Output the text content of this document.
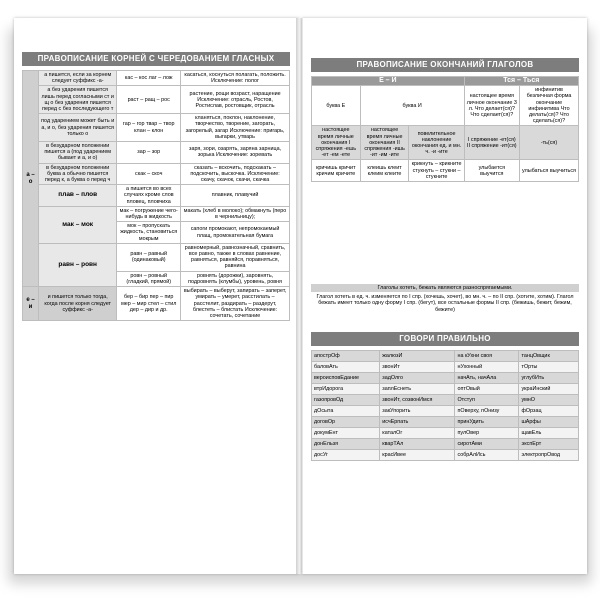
ПРАВОПИСАНИЕ КОРНЕЙ С ЧЕРЕДОВАНИЕМ ГЛАСНЫХ
а – о	а пишется, если за корнем следует суффикс -а-	кас – кос лаг – лож	касаться, коснуться полагать, положить. Исключение: полог
	а без ударения пишется лишь перед согласными ст и щ о без ударения пишется перед с без последующего т	раст – ращ – рос	растение, рощи возраст, наращение Исключение: отрасль, Ростов, Ростислав, ростовщик, отрасль
	под ударением может быть и а, и о, без ударения пишется только о	гар – гор твар – твор клан – клон	кланяться, поклон, наклонение, творчество, творение, загорать, загорелый, загар Исключение: пригарь, выгарки, утварь
	в безударном положении пишется а (под ударением бывает и а, и о)	зар – зор	заря, зори, озарять, заряна зарница, зорька Исключение: зоревать
	в безударном положении буква а обычно пишется перед к, а буква о перед ч	скак – скоч	сказать – вскочить, подскакать – подскочить, выскочка. Исключение: скачу, скачок, скачи, скачка
	плав – плов	а пишется во всех случаях кроме слов пловец, пловчиха	плавник, плавучий
	мак – мок	мак – погружение чего-нибудь в жидкость	макать (хлеб в молоко); обмакнуть (перо в чернильницу);
		мок – пропускать жидкость, становиться мокрым	сапоги промокают, непромокаемый плащ, промокательная бумага
	равн – ровн	равн – равный (одинаковый)	равномерный, равнозначный, сравнить, все равно, также в словах равнение, равняться, равняйся, поравняться, равнина
		ровн – ровный (гладкий, прямой)	ровнять (дорожки), заровнять, подровнять (клумбы), уровень, ровня
е – и	и пишется только тогда, когда после корня следует суффикс -а-	бер – бир пер – пир мер – мир стел – стил дер – дир и др.	выбирать – выберут, запирать – заперет, умирать – умерет, расстилать – расстелит, раздирать – раздерут, блестеть – блистать Исключение: сочетать, сочетание
ПРАВОПИСАНИЕ ОКОНЧАНИЙ ГЛАГОЛОВ
Е – И			Тся – Ться	
буква Е	буква И		настоящее время личное окончание 3 л. Что делает(ся)? Что сделает(ся)?	инфинитив безличная форма окончание инфинитива Что делать(ся)? Что сделать(ся)?
настоящее время личные окончания I спряжения -ешь -ет -ем -ете	настоящее время личные окончания II спряжения -ишь -ит -им -ите	повелительное наклонение окончания ед. и мн. ч. -и -ите	I спряжение -ет(ся) II спряжение -ит(ся)	-ть(ся)
кричишь кричит кричим кричите	клеишь клеит клеим клеите	крикнуть – крикните стукнуть – стукни – стукните	улыбается выучится	улыбаться выучиться
Глаголы хотеть, бежать являются разноспрягаемыми.
Глагол хотеть в ед. ч. изменяется по I спр. (хочешь, хочет), во мн. ч. – по II спр. (хотите, хотим). Глагол бежать имеет только одну форму I спр. (бегут), все остальные формы II спр. (бежишь, бежит, бежим, бежите)
ГОВОРИ ПРАВИЛЬНО
апострОф	жалюзИ	на кУхни своя	танцОвщик
баловАть	звонИт	нУхонный	тОрты
вероисповЕдание	задОлго	начАть, начАла	углубИть
втрИдорога	заплЕснеть	оптОвый	украИнский
газопровОд	звонИт, созвонИмся	Отступ	умнО
дОсыта	закУпорить	пОверху, пОнизу	фОрзац
договОр	исчЕрпать	принУдить	шАрфы
докумЕнт	каталОг	пулОвер	щавЕль
донЕльзя	кварТАл	сиротАми	экспЕрт
досУг	красИвее	собрАлИсь	электропрОвод
